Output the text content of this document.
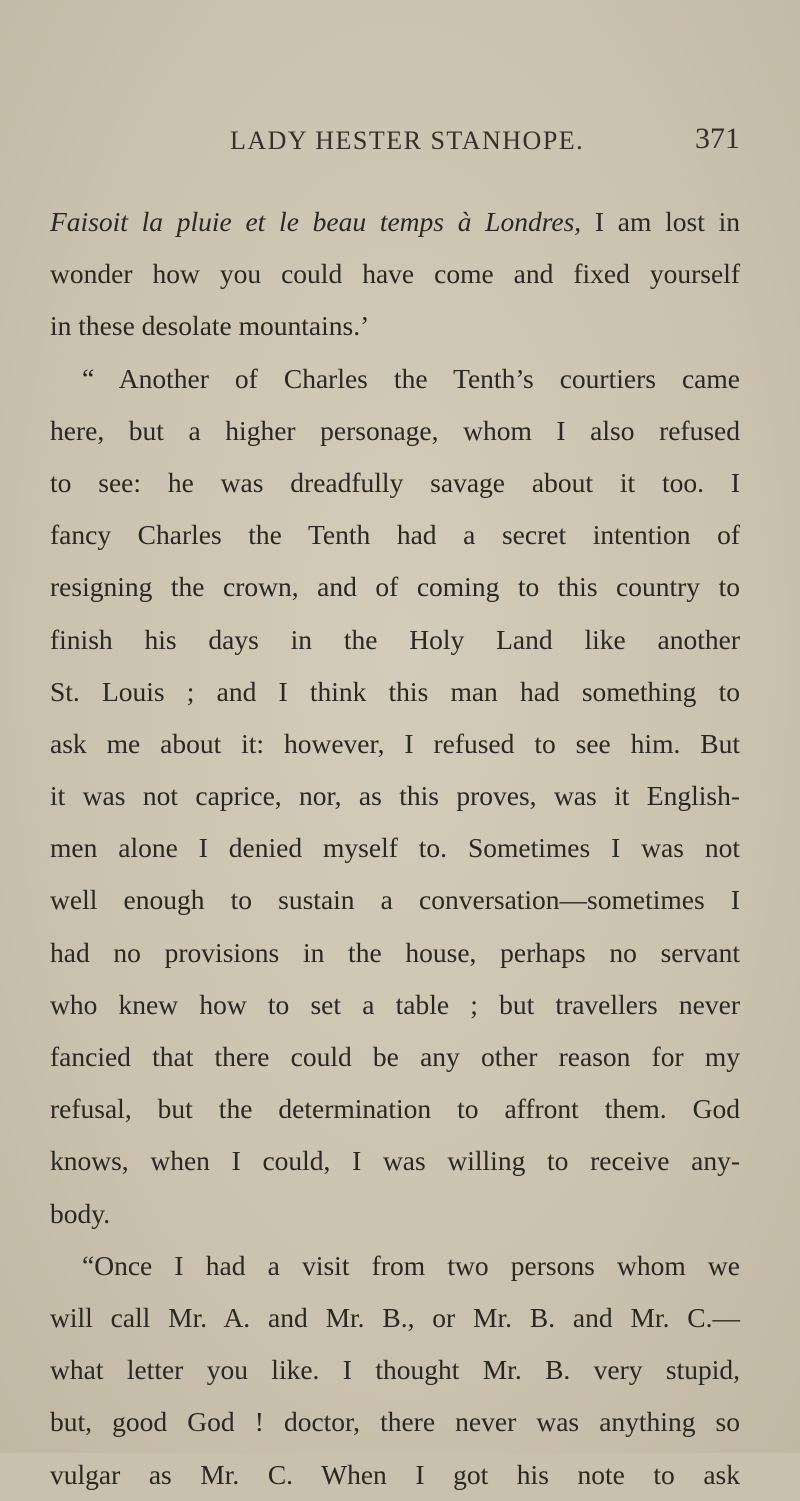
LADY HESTER STANHOPE.	371
Faisoit la pluie et le beau temps à Londres, I am lost in
wonder how you could have come and fixed yourself
in these desolate mountains.’
“ Another of Charles the Tenth’s courtiers came
here, but a higher personage, whom I also refused
to see: he was dreadfully savage about it too. I
fancy Charles the Tenth had a secret intention of
resigning the crown, and of coming to this country to
finish his days in the Holy Land like another
St. Louis ; and I think this man had something to
ask me about it: however, I refused to see him. But
it was not caprice, nor, as this proves, was it English-
men alone I denied myself to. Sometimes I was not
well enough to sustain a conversation—sometimes I
had no provisions in the house, perhaps no servant
who knew how to set a table ; but travellers never
fancied that there could be any other reason for my
refusal, but the determination to affront them. God
knows, when I could, I was willing to receive any-
body.
“Once I had a visit from two persons whom we
will call Mr. A. and Mr. B., or Mr. B. and Mr. C.—
what letter you like. I thought Mr. B. very stupid,
but, good God ! doctor, there never was anything so
vulgar as Mr. C. When I got his note to ask
